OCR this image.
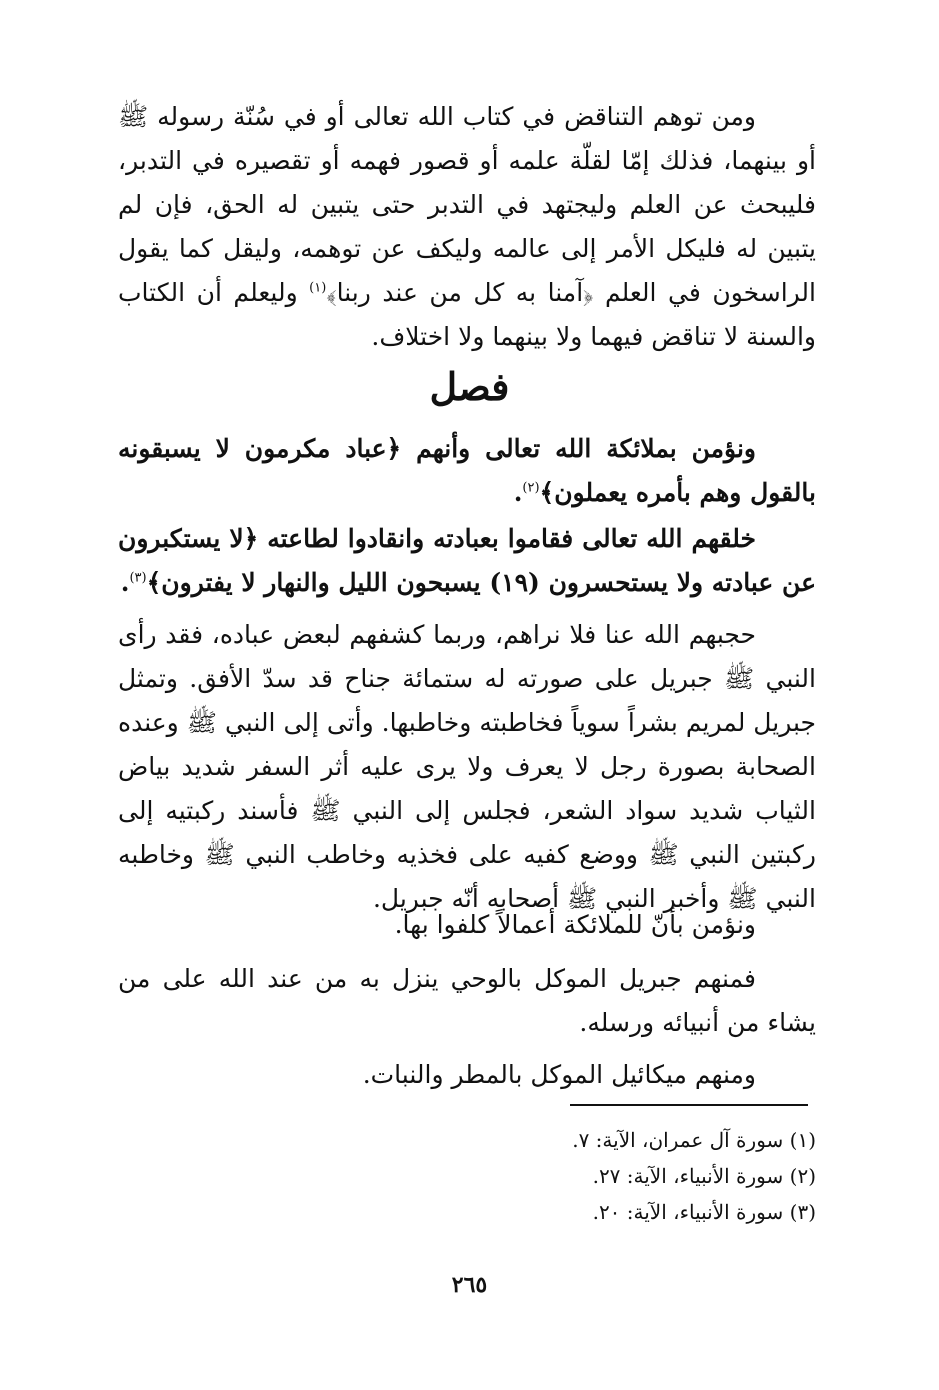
ومن توهم التناقض في كتاب الله تعالى أو في سُنّة رسوله ﷺ أو بينهما، فذلك إمّا لقلّة علمه أو قصور فهمه أو تقصيره في التدبر، فليبحث عن العلم وليجتهد في التدبر حتى يتبين له الحق، فإن لم يتبين له فليكل الأمر إلى عالمه وليكف عن توهمه، وليقل كما يقول الراسخون في العلم ﴿آمنا به كل من عند ربنا﴾$^{(١)}$ وليعلم أن الكتاب والسنة لا تناقض فيهما ولا بينهما ولا اختلاف.

فصل

ونؤمن بملائكة الله تعالى وأنهم ﴿عباد مكرمون لا يسبقونه بالقول وهم بأمره يعملون﴾$^{(٢)}$.

خلقهم الله تعالى فقاموا بعبادته وانقادوا لطاعته ﴿لا يستكبرون عن عبادته ولا يستحسرون (١٩) يسبحون الليل والنهار لا يفترون﴾$^{(٣)}$.

حجبهم الله عنا فلا نراهم، وربما كشفهم لبعض عباده، فقد رأى النبي ﷺ جبريل على صورته له ستمائة جناح قد سدّ الأفق. وتمثل جبريل لمريم بشراً سوياً فخاطبته وخاطبها. وأتى إلى النبي ﷺ وعنده الصحابة بصورة رجل لا يعرف ولا يرى عليه أثر السفر شديد بياض الثياب شديد سواد الشعر، فجلس إلى النبي ﷺ فأسند ركبتيه إلى ركبتين النبي ﷺ ووضع كفيه على فخذيه وخاطب النبي ﷺ وخاطبه النبي ﷺ وأخبر النبي ﷺ أصحابه أنّه جبريل.

ونؤمن بأنّ للملائكة أعمالاً كلفوا بها.

فمنهم جبريل الموكل بالوحي ينزل به من عند الله على من يشاء من أنبيائه ورسله.

ومنهم ميكائيل الموكل بالمطر والنبات.

(١) سورة آل عمران، الآية: ٧.
(٢) سورة الأنبياء، الآية: ٢٧.
(٣) سورة الأنبياء، الآية: ٢٠.
٢٦٥
